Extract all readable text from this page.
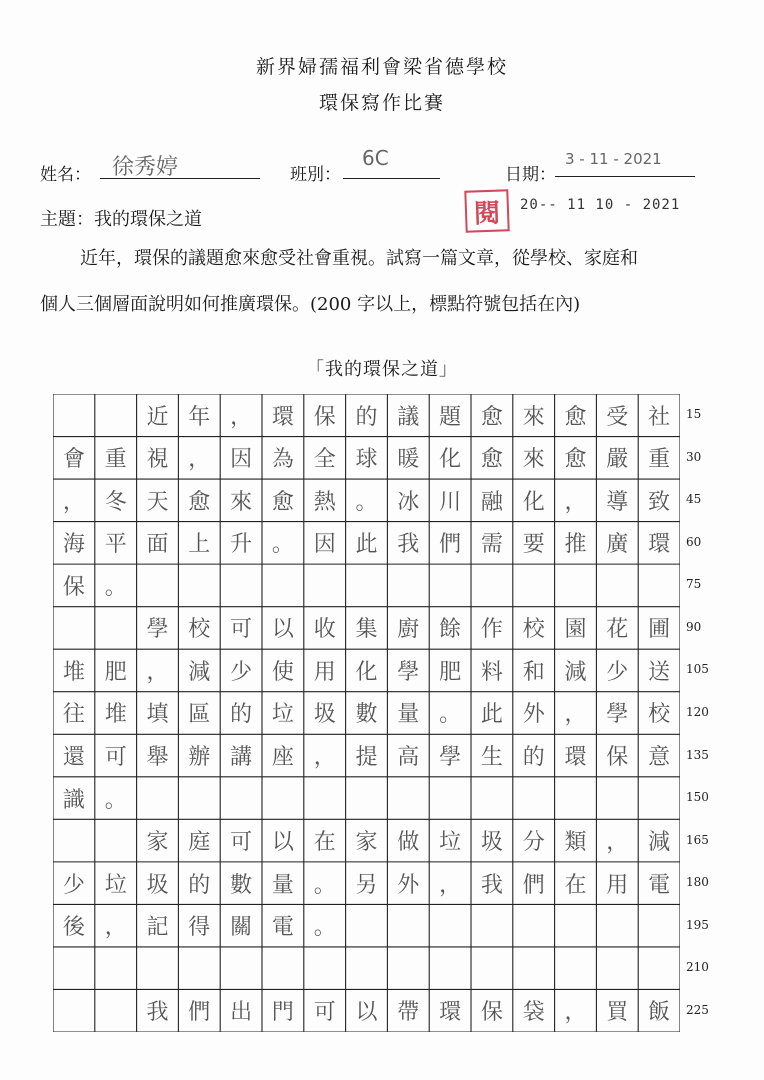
新界婦孺福利會梁省德學校
環保寫作比賽
姓名： 徐秀婷	班別：
6C
日期：
3 - 11 - 2021
閱	20-- 11 10 - 2021
主題：我的環保之道
近年，環保的議題愈來愈受社會重視。試寫一篇文章，從學校、家庭和
個人三個層面說明如何推廣環保。(200 字以上，標點符號包括在內)
「我的環保之道」
近 年 ， 環 保 的 議 題 愈 來 愈 受 社
會 重 視 ， 因 為 全 球 暖 化 愈 來 愈 嚴 重
， 冬 天 愈 來 愈 熱 。 冰 川 融 化 ， 導 致
海 平 面 上 升 。 因 此 我 們 需 要 推 廣 環
保 。
學 校 可 以 收 集 廚 餘 作 校 園 花 圃
堆 肥 ， 減 少 使 用 化 學 肥 料 和 減 少 送
往 堆 填 區 的 垃 圾 數 量 。 此 外 ， 學 校
還 可 舉 辦 講 座 ， 提 高 學 生 的 環 保 意
識 。
家 庭 可 以 在 家 做 垃 圾 分 類 ， 減
少 垃 圾 的 數 量 。 另 外 ， 我 們 在 用 電
後 ， 記 得 關 電 。
我 們 出 門 可 以 帶 環 保 袋 ， 買 飯
15
30
45
60
75
90
105
120
135
150
165
180
195
210
225
